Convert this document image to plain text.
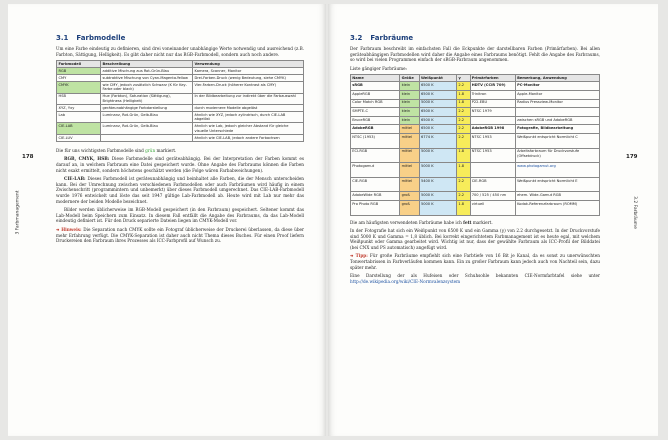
178
3 Farbmanagement
3.1 Farbmodelle

Um eine Farbe eindeutig zu definieren, sind drei voneinander unabhängige Werte notwendig und ausreichend (z.B. Farbton, Sättigung, Helligkeit). Es gibt daher nicht nur das RGB-Farbmodell, sondern auch noch andere.

Farbmodell	Beschreibung	Verwendung
RGB	additive Mischung aus Rot-Grün-Blau	Kamera, Scanner, Monitor
CMY	subtraktive Mischung von Cyan-Magenta-Yellow	Drei-Farben-Druck (wenig Bedeutung, siehe CMYK)
CMYK	wie CMY, jedoch zusätzlich Schwarz (K für Key-Farbe oder black)	Vier-Farben-Druck (höherer Kontrast als CMY)
HSB	Hue (Farbton), Saturation (Sättigung), Brightness (Helligkeit)	In der Bildbearbeitung zur indirekt über die Farbauswahl
XYZ, Yxy	geräteunabhängige Farbdarstellung	durch modernere Modelle abgelöst
Lab	Luminanz, Rot-Grün, Gelb-Blau	ähnlich wie XYZ, jedoch zylindrisch, durch CIE-LAB abgelöst
CIE-LAB	Luminanz, Rot-Grün, Gelb-Blau	ähnlich wie Lab, jedoch gleicher Abstand für gleiche visuelle Unterschiede
CIE-LUV		ähnlich wie CIE-LAB, jedoch andere Farbachsen

Die für uns wichtigsten Farbmodelle sind grün markiert.

RGB, CMYK, HSB: Diese Farbmodelle sind geräteabhängig. Bei der Interpretation der Farben kommt es darauf an, in welchem Farbraum eine Datei gespeichert wurde. Ohne Angabe des Farbraums können die Farben nicht exakt ermittelt, sondern höchstens geschätzt werden (die Folge wären Farbabweichungen).

CIE-LAB: Dieses Farbmodell ist geräteunabhängig und beinhaltet alle Farben, die der Mensch unterscheiden kann. Bei der Umrechnung zwischen verschiedenen Farbmodellen oder auch Farbräumen wird häufig in einem Zwischenschritt (programmintern und unbemerkt) über dieses Farbmodell umgerechnet. Das CIE-LAB-Farbmodell wurde 1976 entwickelt und löste das seit 1947 gültige Lab-Farbmodell ab. Heute wird mit Lab nur mehr das modernere der beiden Modelle bezeichnet.

Bilder werden üblicherweise im RGB-Modell gespeichert (in den Farbraum) gespeichert. Seltener kommt das Lab-Modell beim Speichern zum Einsatz. In diesem Fall entfällt die Angabe des Farbraums, da das Lab-Modell eindeutig definiert ist. Für den Druck separierte Dateien liegen im CMYK-Modell vor.

➜ Hinweis: Die Separation nach CMYK sollte ein Fotograf üblicherweise der Druckerei überlassen, da diese über mehr Erfahrung verfügt. Die CMYK-Separation ist daher auch nicht Thema dieses Buches. Für einen Proof liefern Druckereien den Farbraum ihres Prozesses als ICC-Farbprofil auf Wunsch zu.
179
3.2 Farbräume
3.2 Farbräume

Der Farbraum beschreibt im einfachsten Fall die Eckpunkte der darstellbaren Farben (Primärfarben). Bei allen geräteabhängigen Farbmodellen wird daher die Angabe eines Farbraums benötigt. Fehlt die Angabe des Farbraums, so wird bei vielen Programmen einfach der sRGB-Farbraum angenommen.

Liste gängiger Farbräume:
Name	Größe	Weißpunkt	γ	Primärfarben	Bemerkung, Anwendung
sRGB	klein	6500 K	2.2	HDTV (CCIR 709)	PC-Monitor
AppleRGB	klein	6500 K	1.8	Trinitron	Apple-Monitor
Color Match RGB	klein	5000 K	1.8	P22-EBU	Radius Pressview-Monitor
SMPTE-C	klein	6500 K	2.2	NTSC 1979	
BruceRGB	klein	6500 K	2.2		zwischen sRGB und AdobeRGB
AdobeRGB	mittel	6500 K	2.2	AdobeRGB 1998	Fotografie, Bildbearbeitung
NTSC (1953)	mittel	6774 K	2.2	NTSC 1953	Weißpunkt entspricht Normlicht C
ECI-RGB	mittel	5000 K	1.8	NTSC 1953	Arbeitsfarbraum für Druckvorstufe (Offsetdruck)
Photogamut	mittel	5000 K	1.8		www.photogamut.org
CIE-RGB	mittel	5400 K	2.2	CIE-RGB	Weißpunkt entspricht Normlicht E
AdobeWide RGB	groß	5000 K	2.2	700 / 525 / 450 nm	ehem. Wide-Gamut RGB
Pro Photo RGB	groß	5000 K	1.8	virtuell	Kodak-Referenzfarbraum (ROMM)

Die am häufigsten verwendeten Farbräume habe ich fett markiert.

In der Fotografie hat sich ein Weißpunkt von 6500 K und ein Gamma (γ) von 2.2 durchgesetzt. In der Druckvorstufe sind 5000 K und Gamma = 1,8 üblich. Bei korrekt eingerichtetem Farbmanagement ist es heute egal, mit welchem Weißpunkt oder Gamma gearbeitet wird. Wichtig ist nur, dass der gewählte Farbraum als ICC-Profil der Bilddatei (bei CNX und PS automatisch) angefügt wird.

➜ Tipp: Für große Farbräume empfiehlt sich eine Farbtiefe von 16 Bit je Kanal, da es sonst zu unerwünschten Tonwertabrissen in Farbverläufen kommen kann. Ein zu großer Farbraum kann jedoch auch von Nachteil sein, dazu später mehr.

Eine Darstellung der als Hufeisen oder Schuhsohle bekannten CIE-Normfarbtafel siehe unter http://de.wikipedia.org/wiki/CIE-Normvalenzsystem
